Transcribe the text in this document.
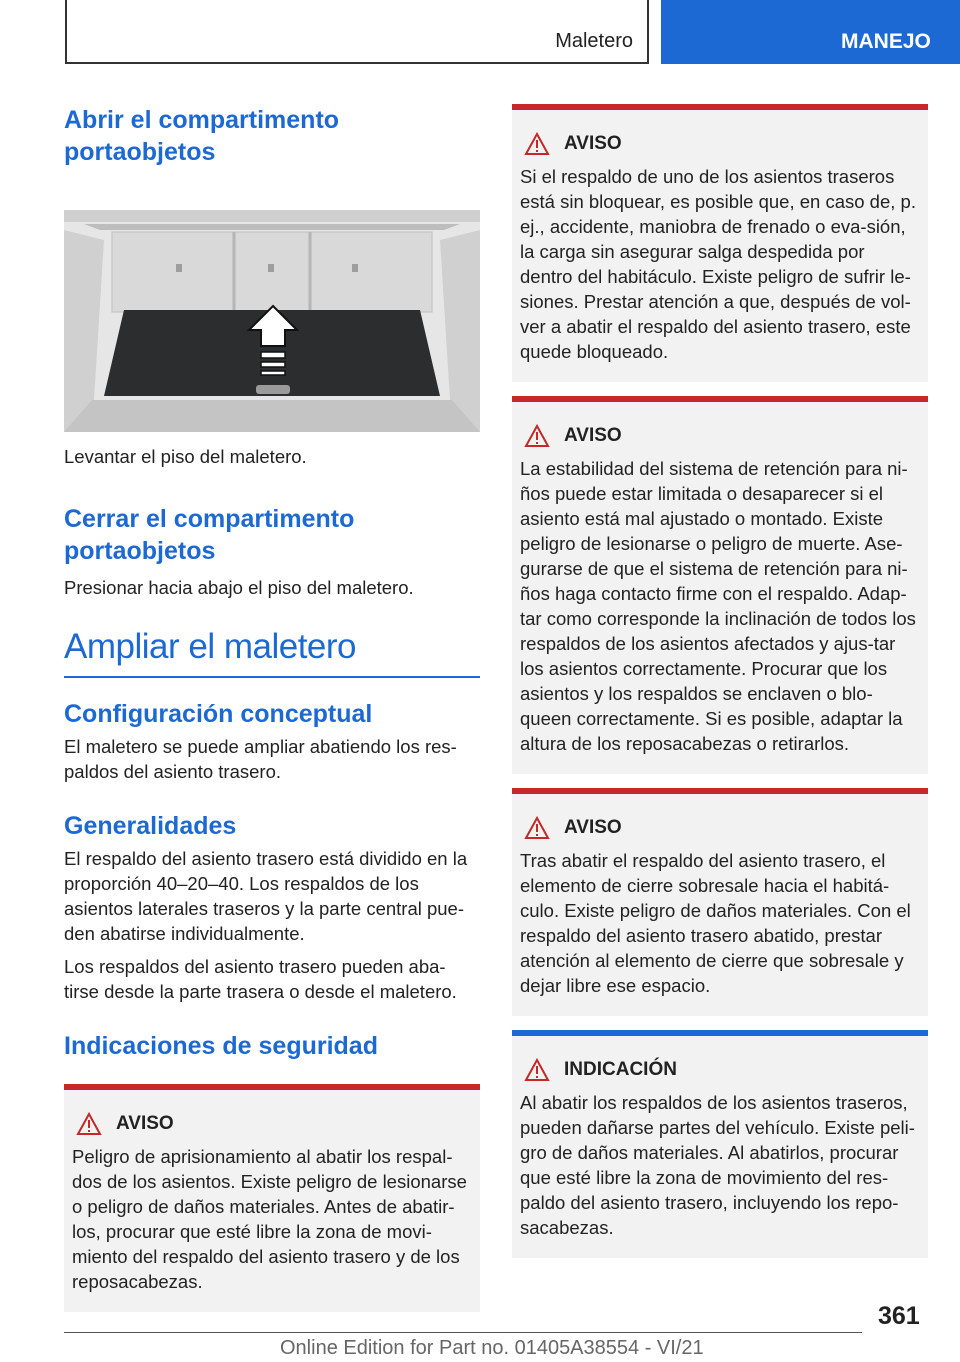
Maletero	MANEJO
Abrir el compartimento portaobjetos

Levantar el piso del maletero.

Cerrar el compartimento portaobjetos

Presionar hacia abajo el piso del maletero.

Ampliar el maletero
Configuración conceptual

El maletero se puede ampliar abatiendo los res-paldos del asiento trasero.

Generalidades

El respaldo del asiento trasero está dividido en la proporción 40–20–40. Los respaldos de los asientos laterales traseros y la parte central pue-den abatirse individualmente.

Los respaldos del asiento trasero pueden aba-tirse desde la parte trasera o desde el maletero.

Indicaciones de seguridad
AVISO

Peligro de aprisionamiento al abatir los respal-dos de los asientos. Existe peligro de lesionarse o peligro de daños materiales. Antes de abatir-los, procurar que esté libre la zona de movi-miento del respaldo del asiento trasero y de los reposacabezas.

AVISO

Si el respaldo de uno de los asientos traseros está sin bloquear, es posible que, en caso de, p. ej., accidente, maniobra de frenado o eva-sión, la carga sin asegurar salga despedida por dentro del habitáculo. Existe peligro de sufrir le-siones. Prestar atención a que, después de vol-ver a abatir el respaldo del asiento trasero, este quede bloqueado.

AVISO

La estabilidad del sistema de retención para ni-ños puede estar limitada o desaparecer si el asiento está mal ajustado o montado. Existe peligro de lesionarse o peligro de muerte. Ase-gurarse de que el sistema de retención para ni-ños haga contacto firme con el respaldo. Adap-tar como corresponde la inclinación de todos los respaldos de los asientos afectados y ajus-tar los asientos correctamente. Procurar que los asientos y los respaldos se enclaven o blo-queen correctamente. Si es posible, adaptar la altura de los reposacabezas o retirarlos.

AVISO

Tras abatir el respaldo del asiento trasero, el elemento de cierre sobresale hacia el habitá-culo. Existe peligro de daños materiales. Con el respaldo del asiento trasero abatido, prestar atención al elemento de cierre que sobresale y dejar libre ese espacio.

INDICACIÓN

Al abatir los respaldos de los asientos traseros, pueden dañarse partes del vehículo. Existe peli-gro de daños materiales. Al abatirlos, procurar que esté libre la zona de movimiento del res-paldo del asiento trasero, incluyendo los repo-sacabezas.

361
Online Edition for Part no. 01405A38554 - VI/21
